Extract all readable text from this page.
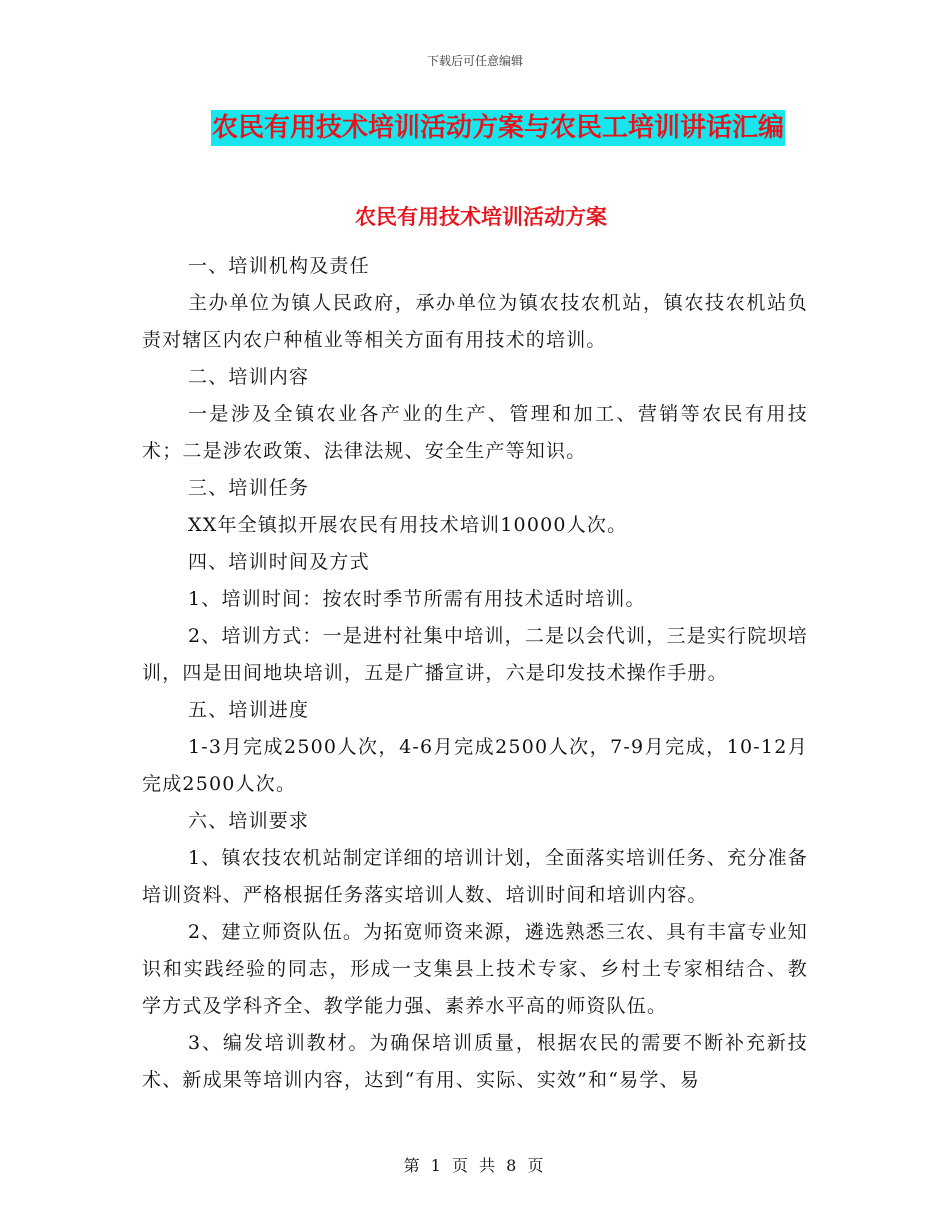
下载后可任意编辑
农民有用技术培训活动方案与农民工培训讲话汇编
农民有用技术培训活动方案

一、培训机构及责任

主办单位为镇人民政府，承办单位为镇农技农机站，镇农技农机站负责对辖区内农户种植业等相关方面有用技术的培训。

二、培训内容

一是涉及全镇农业各产业的生产、管理和加工、营销等农民有用技术；二是涉农政策、法律法规、安全生产等知识。

三、培训任务

XX年全镇拟开展农民有用技术培训10000人次。

四、培训时间及方式

1、培训时间：按农时季节所需有用技术适时培训。

2、培训方式：一是进村社集中培训，二是以会代训，三是实行院坝培训，四是田间地块培训，五是广播宣讲，六是印发技术操作手册。

五、培训进度

1-3月完成2500人次，4-6月完成2500人次，7-9月完成，10-12月完成2500人次。

六、培训要求

1、镇农技农机站制定详细的培训计划，全面落实培训任务、充分准备培训资料、严格根据任务落实培训人数、培训时间和培训内容。

2、建立师资队伍。为拓宽师资来源，遴选熟悉三农、具有丰富专业知识和实践经验的同志，形成一支集县上技术专家、乡村土专家相结合、教学方式及学科齐全、教学能力强、素养水平高的师资队伍。

3、编发培训教材。为确保培训质量，根据农民的需要不断补充新技术、新成果等培训内容，达到“有用、实际、实效”和“易学、易

第 1 页 共 8 页
